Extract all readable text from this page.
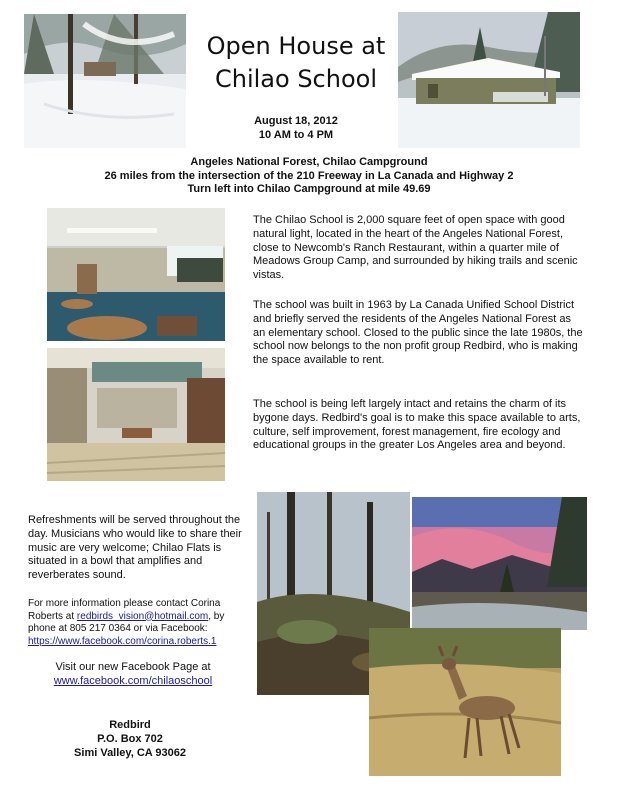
Open House at
Chilao School
August 18, 2012
10 AM to 4 PM
Angeles National Forest, Chilao Campground
26 miles from the intersection of the 210 Freeway in La Canada and Highway 2
Turn left into Chilao Campground at mile 49.69
The Chilao School is 2,000 square feet of open space with good natural light, located in the heart of the Angeles National Forest, close to Newcomb's Ranch Restaurant, within a quarter mile of Meadows Group Camp, and surrounded by hiking trails and scenic vistas.
The school was built in 1963 by La Canada Unified School District and briefly served the residents of the Angeles National Forest as an elementary school. Closed to the public since the late 1980s, the school now belongs to the non profit group Redbird, who is making the space available to rent.
The school is being left largely intact and retains the charm of its bygone days. Redbird's goal is to make this space available to arts, culture, self improvement, forest management, fire ecology and educational groups in the greater Los Angeles area and beyond.
Refreshments will be served throughout the day. Musicians who would like to share their music are very welcome; Chilao Flats is situated in a bowl that amplifies and reverberates sound.
For more information please contact Corina Roberts at redbirds_vision@hotmail.com, by phone at 805 217 0364 or via Facebook: https://www.facebook.com/corina.roberts.1
Visit our new Facebook Page at
www.facebook.com/chilaoschool
Redbird
P.O. Box 702
Simi Valley, CA 93062
